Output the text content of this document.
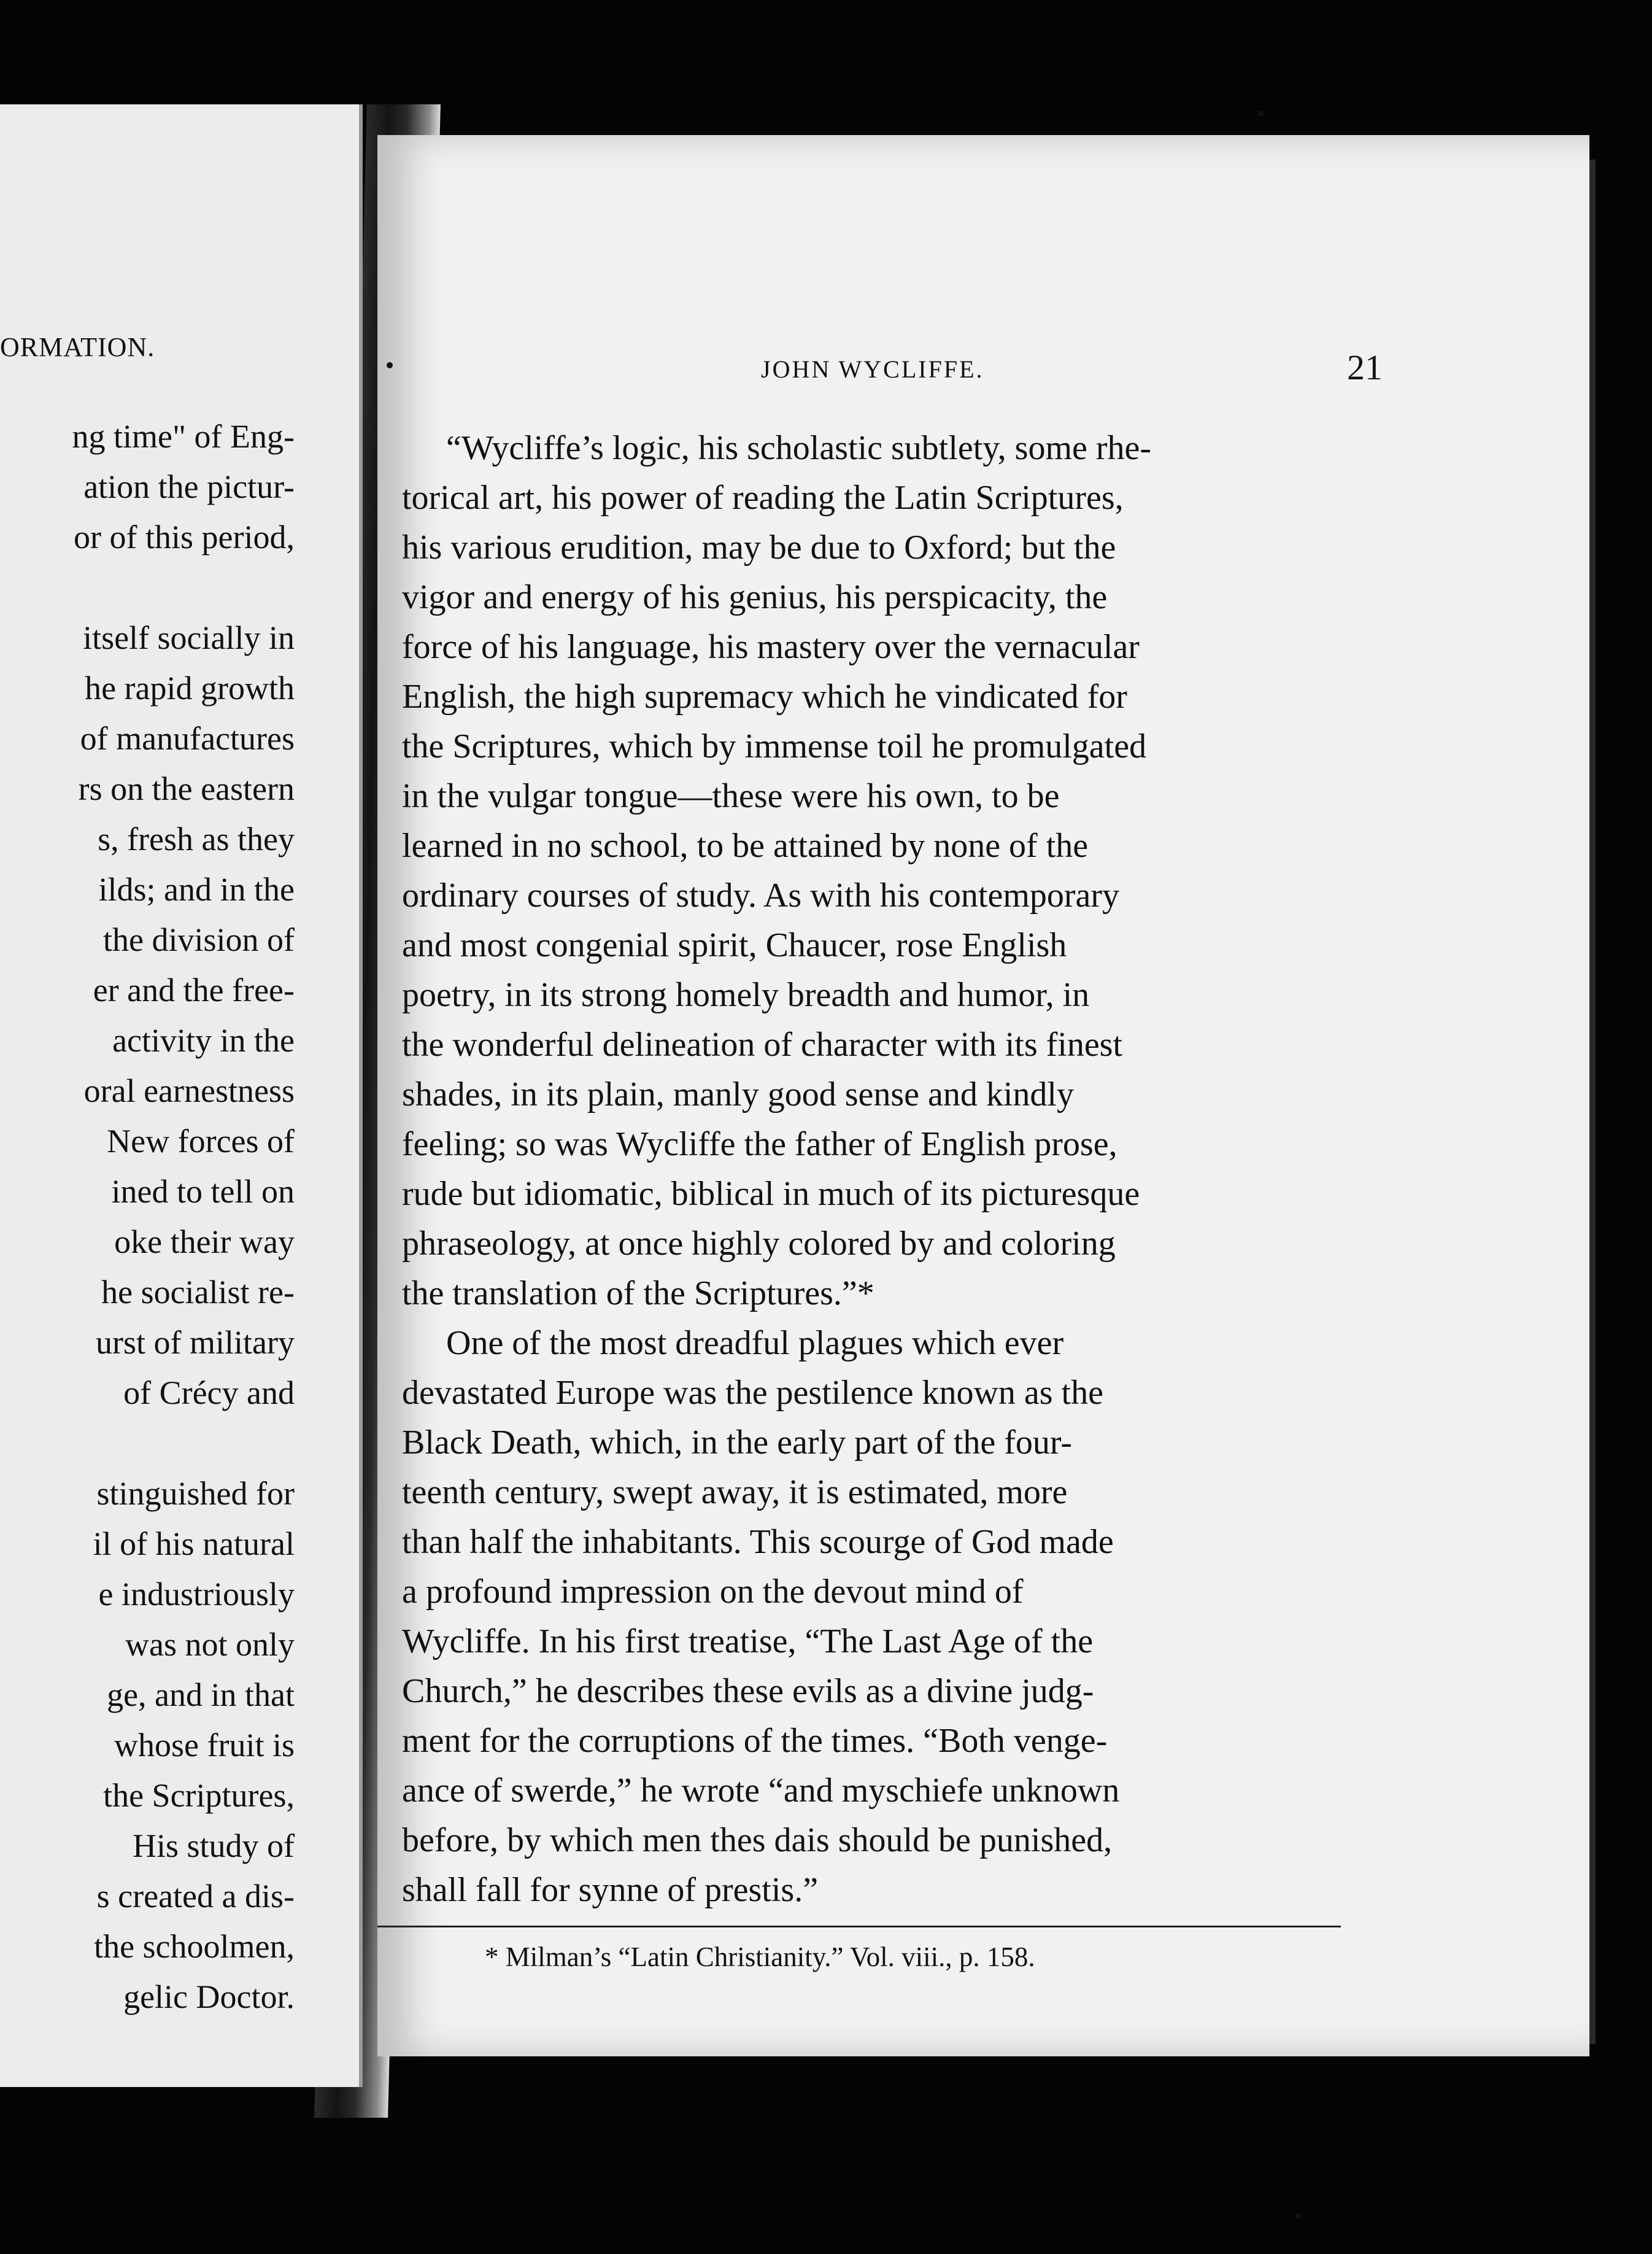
ORMATION.
ng time" of Eng-
ation the pictur-
or of this period,
itself socially in
he rapid growth
of manufactures
rs on the eastern
s, fresh as they
ilds; and in the
the division of
er and the free-
activity in the
oral earnestness
New forces of
ined to tell on
oke their way
he socialist re-
urst of military
of Crécy and
stinguished for
il of his natural
e industriously
was not only
ge, and in that
whose fruit is
the Scriptures,
His study of
s created a dis-
the schoolmen,
gelic Doctor.
JOHN WYCLIFFE.	21
“Wycliffe’s logic, his scholastic subtlety, some rhe-
torical art, his power of reading the Latin Scriptures,
his various erudition, may be due to Oxford; but the
vigor and energy of his genius, his perspicacity, the
force of his language, his mastery over the vernacular
English, the high supremacy which he vindicated for
the Scriptures, which by immense toil he promulgated
in the vulgar tongue—these were his own, to be
learned in no school, to be attained by none of the
ordinary courses of study. As with his contemporary
and most congenial spirit, Chaucer, rose English
poetry, in its strong homely breadth and humor, in
the wonderful delineation of character with its finest
shades, in its plain, manly good sense and kindly
feeling; so was Wycliffe the father of English prose,
rude but idiomatic, biblical in much of its picturesque
phraseology, at once highly colored by and coloring
the translation of the Scriptures.”*
One of the most dreadful plagues which ever
devastated Europe was the pestilence known as the
Black Death, which, in the early part of the four-
teenth century, swept away, it is estimated, more
than half the inhabitants. This scourge of God made
a profound impression on the devout mind of
Wycliffe. In his first treatise, “The Last Age of the
Church,” he describes these evils as a divine judg-
ment for the corruptions of the times. “Both venge-
ance of swerde,” he wrote “and myschiefe unknown
before, by which men thes dais should be punished,
shall fall for synne of prestis.”
* Milman’s “Latin Christianity.” Vol. viii., p. 158.
